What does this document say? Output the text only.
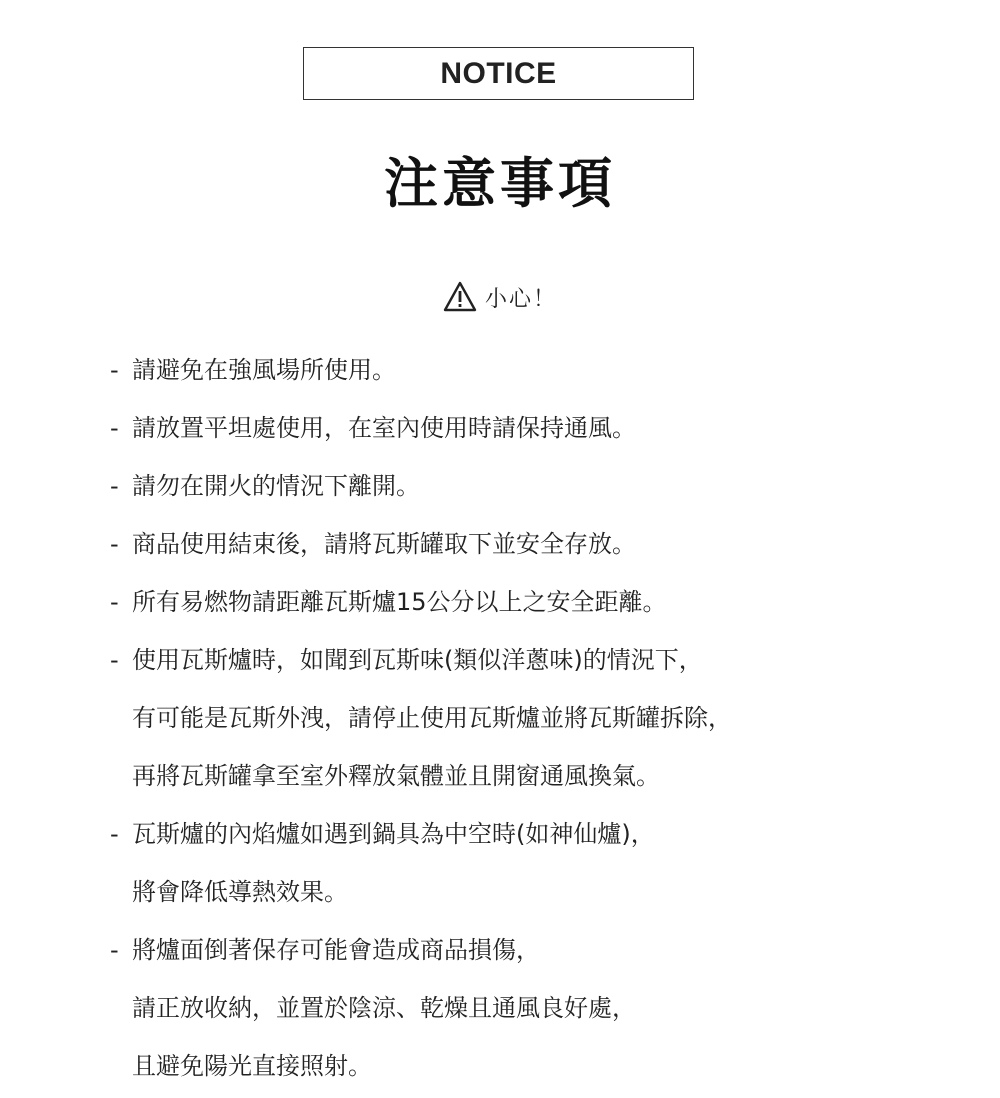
NOTICE
注意事項
小心！
- 請避免在強風場所使用。
- 請放置平坦處使用，在室內使用時請保持通風。
- 請勿在開火的情況下離開。
- 商品使用結束後，請將瓦斯罐取下並安全存放。
- 所有易燃物請距離瓦斯爐15公分以上之安全距離。
- 使用瓦斯爐時，如聞到瓦斯味(類似洋蔥味)的情況下，
有可能是瓦斯外洩，請停止使用瓦斯爐並將瓦斯罐拆除，
再將瓦斯罐拿至室外釋放氣體並且開窗通風換氣。
- 瓦斯爐的內焰爐如遇到鍋具為中空時(如神仙爐)，
將會降低導熱效果。
- 將爐面倒著保存可能會造成商品損傷，
請正放收納，並置於陰涼、乾燥且通風良好處，
且避免陽光直接照射。
